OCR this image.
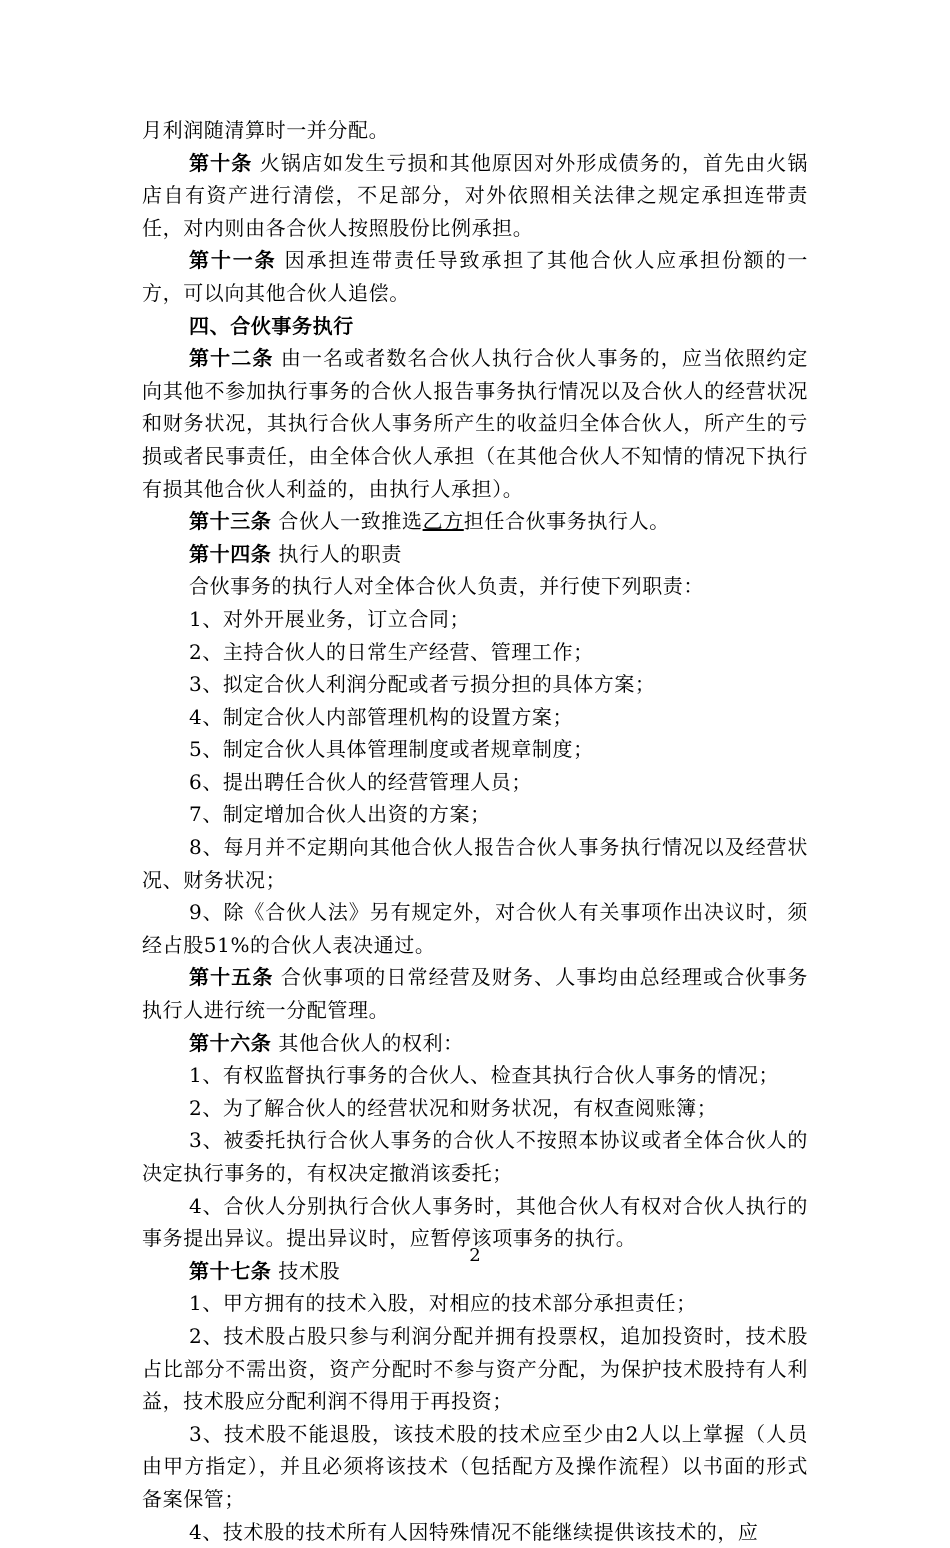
月利润随清算时一并分配。

第十条 火锅店如发生亏损和其他原因对外形成债务的，首先由火锅店自有资产进行清偿，不足部分，对外依照相关法律之规定承担连带责任，对内则由各合伙人按照股份比例承担。

第十一条 因承担连带责任导致承担了其他合伙人应承担份额的一方，可以向其他合伙人追偿。

四、合伙事务执行

第十二条 由一名或者数名合伙人执行合伙人事务的，应当依照约定向其他不参加执行事务的合伙人报告事务执行情况以及合伙人的经营状况和财务状况，其执行合伙人事务所产生的收益归全体合伙人，所产生的亏损或者民事责任，由全体合伙人承担（在其他合伙人不知情的情况下执行有损其他合伙人利益的，由执行人承担）。

第十三条 合伙人一致推选乙方担任合伙事务执行人。

第十四条 执行人的职责

合伙事务的执行人对全体合伙人负责，并行使下列职责：

1、对外开展业务，订立合同；

2、主持合伙人的日常生产经营、管理工作；

3、拟定合伙人利润分配或者亏损分担的具体方案；

4、制定合伙人内部管理机构的设置方案；

5、制定合伙人具体管理制度或者规章制度；

6、提出聘任合伙人的经营管理人员；

7、制定增加合伙人出资的方案；

8、每月并不定期向其他合伙人报告合伙人事务执行情况以及经营状况、财务状况；

9、除《合伙人法》另有规定外，对合伙人有关事项作出决议时，须经占股51%的合伙人表决通过。

第十五条 合伙事项的日常经营及财务、人事均由总经理或合伙事务执行人进行统一分配管理。

第十六条 其他合伙人的权利：

1、有权监督执行事务的合伙人、检查其执行合伙人事务的情况；

2、为了解合伙人的经营状况和财务状况，有权查阅账簿；

3、被委托执行合伙人事务的合伙人不按照本协议或者全体合伙人的决定执行事务的，有权决定撤消该委托；

4、合伙人分别执行合伙人事务时，其他合伙人有权对合伙人执行的事务提出异议。提出异议时，应暂停该项事务的执行。

第十七条 技术股

1、甲方拥有的技术入股，对相应的技术部分承担责任；

2、技术股占股只参与利润分配并拥有投票权，追加投资时，技术股占比部分不需出资，资产分配时不参与资产分配，为保护技术股持有人利益，技术股应分配利润不得用于再投资；

3、技术股不能退股，该技术股的技术应至少由2人以上掌握（人员由甲方指定），并且必须将该技术（包括配方及操作流程）以书面的形式备案保管；

4、技术股的技术所有人因特殊情况不能继续提供该技术的，应

2
